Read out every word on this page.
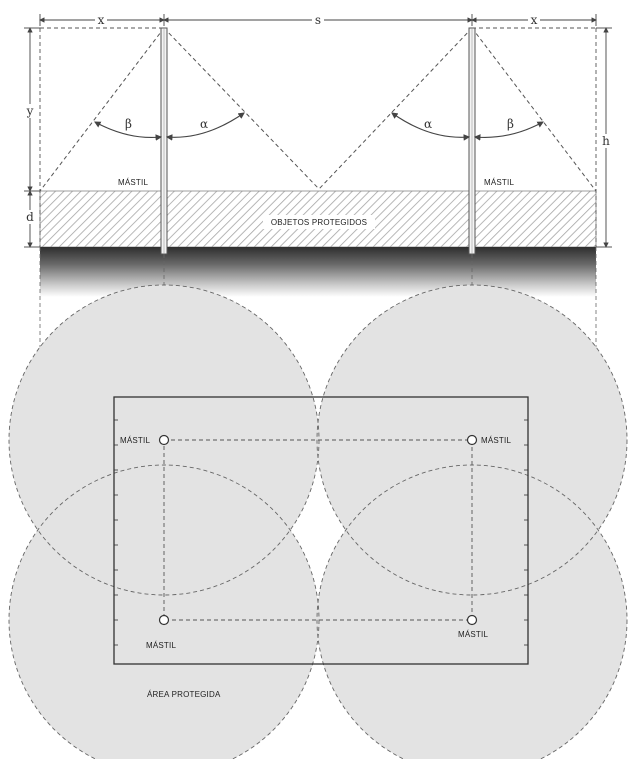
OBJETOS PROTEGIDOS
β	α	α	β
MÁSTIL	MÁSTIL
x	s	x
y
d
h
MÁSTIL	MÁSTIL
MÁSTIL
MÁSTIL
ÁREA PROTEGIDA
